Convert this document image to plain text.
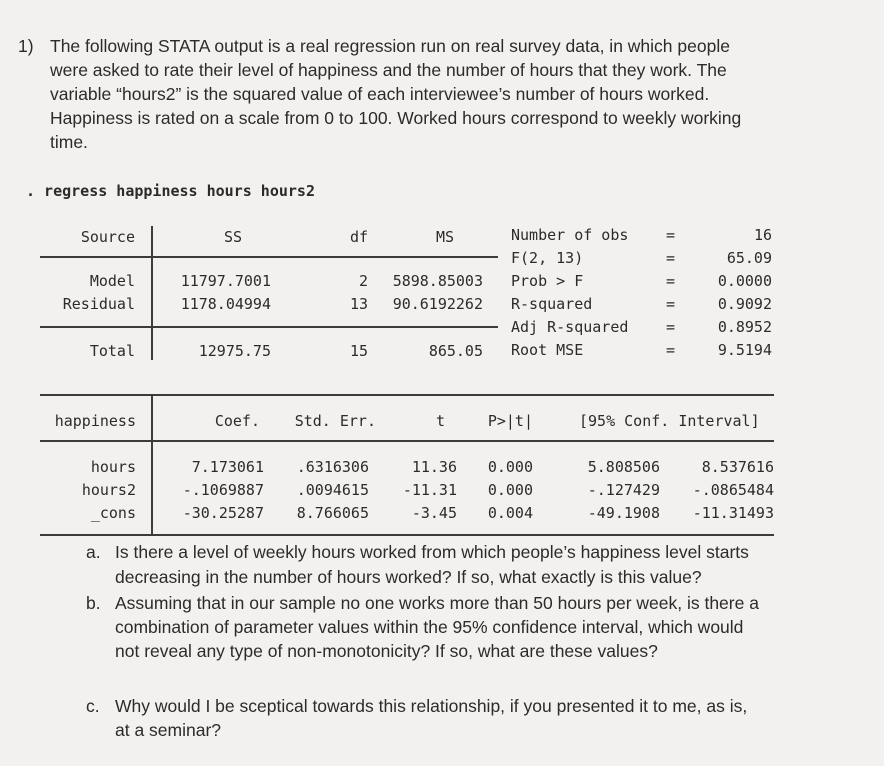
1) The following STATA output is a real regression run on real survey data, in which people
were asked to rate their level of happiness and the number of hours that they work. The
variable “hours2” is the squared value of each interviewee’s number of hours worked.
Happiness is rated on a scale from 0 to 100. Worked hours correspond to weekly working
time.
. regress happiness hours hours2
Source	SS	df	MS
Model	11797.7001	2	5898.85003
Residual	1178.04994	13	90.6192262
Total	12975.75	15	865.05
Number of obs	=	16
F(2, 13)	=	65.09
Prob > F	=	0.0000
R-squared	=	0.9092
Adj R-squared	=	0.8952
Root MSE	=	9.5194
happiness	Coef.	Std. Err.	t	P>|t|	[95% Conf. Interval]
hours	7.173061	.6316306	11.36	0.000	5.808506	8.537616
hours2	-.1069887	.0094615	-11.31	0.000	-.127429	-.0865484
_cons	-30.25287	8.766065	-3.45	0.004	-49.1908	-11.31493
a. Is there a level of weekly hours worked from which people’s happiness level starts
decreasing in the number of hours worked? If so, what exactly is this value?
b. Assuming that in our sample no one works more than 50 hours per week, is there a
combination of parameter values within the 95% confidence interval, which would
not reveal any type of non-monotonicity? If so, what are these values?
c. Why would I be sceptical towards this relationship, if you presented it to me, as is,
at a seminar?
